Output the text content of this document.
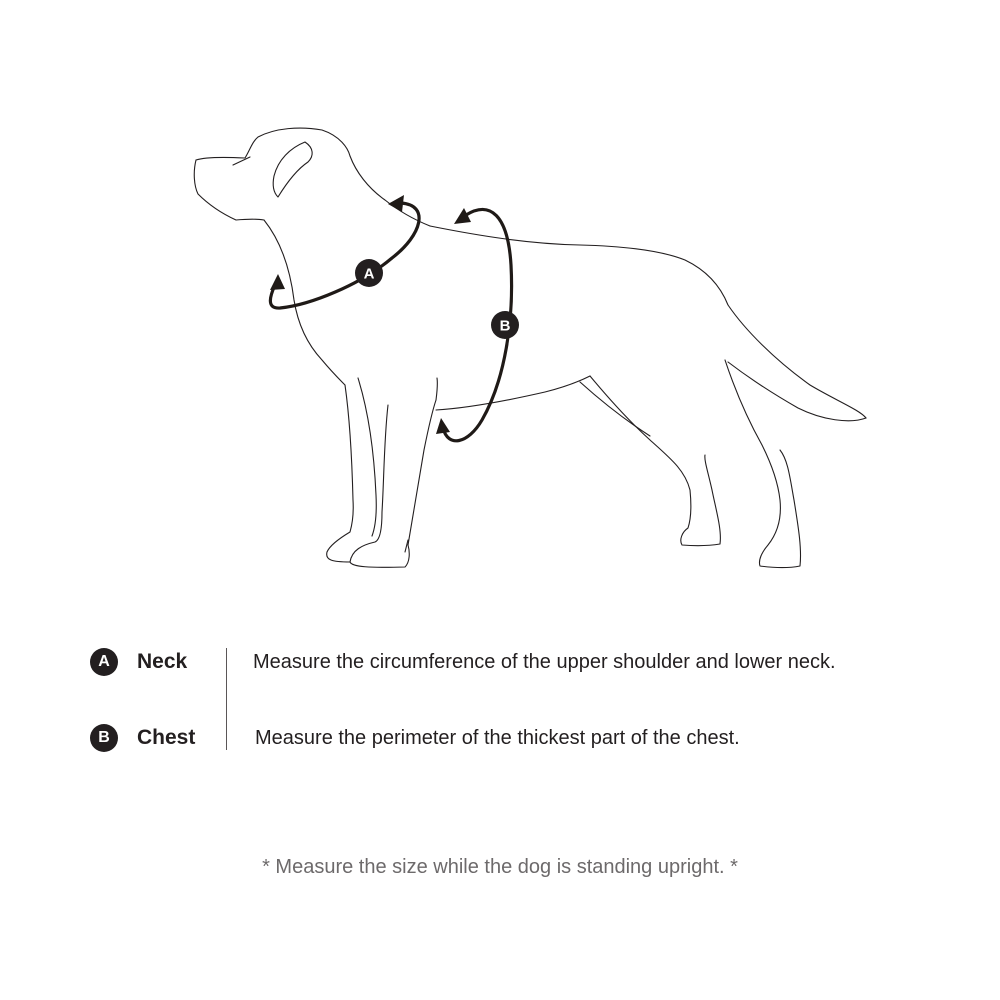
A
B
A	Neck	Measure the circumference of the upper shoulder and lower neck.
B	Chest	Measure the perimeter of the thickest part of the chest.
* Measure the size while the dog is standing upright. *
